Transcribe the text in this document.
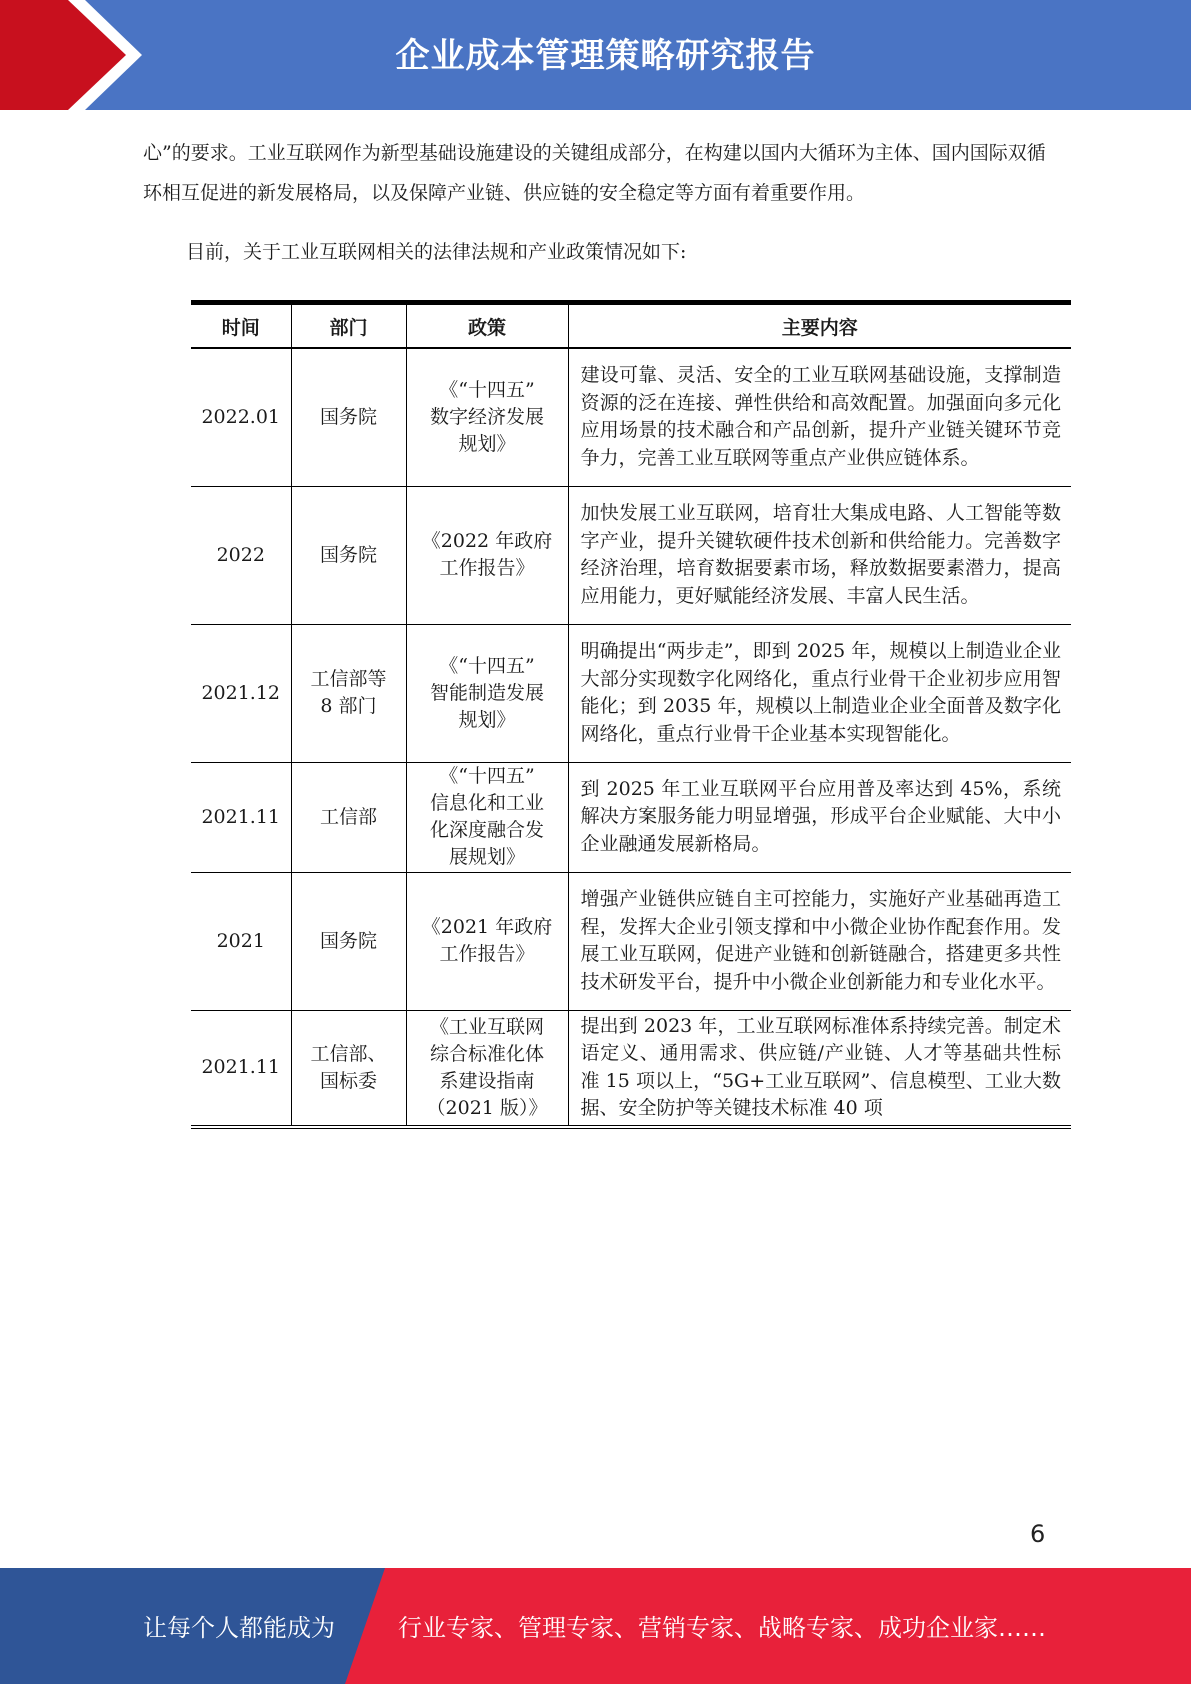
企业成本管理策略研究报告
心”的要求。工业互联网作为新型基础设施建设的关键组成部分，在构建以国内大循环为主体、国内国际双循环相互促进的新发展格局，以及保障产业链、供应链的安全稳定等方面有着重要作用。
目前，关于工业互联网相关的法律法规和产业政策情况如下:
时间	部门	政策	主要内容
2022.01	国务院	《“十四五”
数字经济发展
规划》	建设可靠、灵活、安全的工业互联网基础设施，支撑制造资源的泛在连接、弹性供给和高效配置。加强面向多元化应用场景的技术融合和产品创新，提升产业链关键环节竞争力，完善工业互联网等重点产业供应链体系。
2022	国务院	《2022 年政府
工作报告》	加快发展工业互联网，培育壮大集成电路、人工智能等数字产业，提升关键软硬件技术创新和供给能力。完善数字经济治理，培育数据要素市场，释放数据要素潜力，提高应用能力，更好赋能经济发展、丰富人民生活。
2021.12	工信部等
8 部门	《“十四五”
智能制造发展
规划》	明确提出“两步走”，即到 2025 年，规模以上制造业企业大部分实现数字化网络化，重点行业骨干企业初步应用智能化；到 2035 年，规模以上制造业企业全面普及数字化网络化，重点行业骨干企业基本实现智能化。
2021.11	工信部	《“十四五”
信息化和工业
化深度融合发
展规划》	到 2025 年工业互联网平台应用普及率达到 45%，系统解决方案服务能力明显增强，形成平台企业赋能、大中小企业融通发展新格局。
2021	国务院	《2021 年政府
工作报告》	增强产业链供应链自主可控能力，实施好产业基础再造工程，发挥大企业引领支撑和中小微企业协作配套作用。发展工业互联网，促进产业链和创新链融合，搭建更多共性技术研发平台，提升中小微企业创新能力和专业化水平。
2021.11	工信部、
国标委	《工业互联网
综合标准化体
系建设指南
（2021 版）》	提出到 2023 年，工业互联网标准体系持续完善。制定术语定义、通用需求、供应链/产业链、人才等基础共性标准 15 项以上，“5G+工业互联网”、信息模型、工业大数据、安全防护等关键技术标准 40 项
6
让每个人都能成为	行业专家、管理专家、营销专家、战略专家、成功企业家……
